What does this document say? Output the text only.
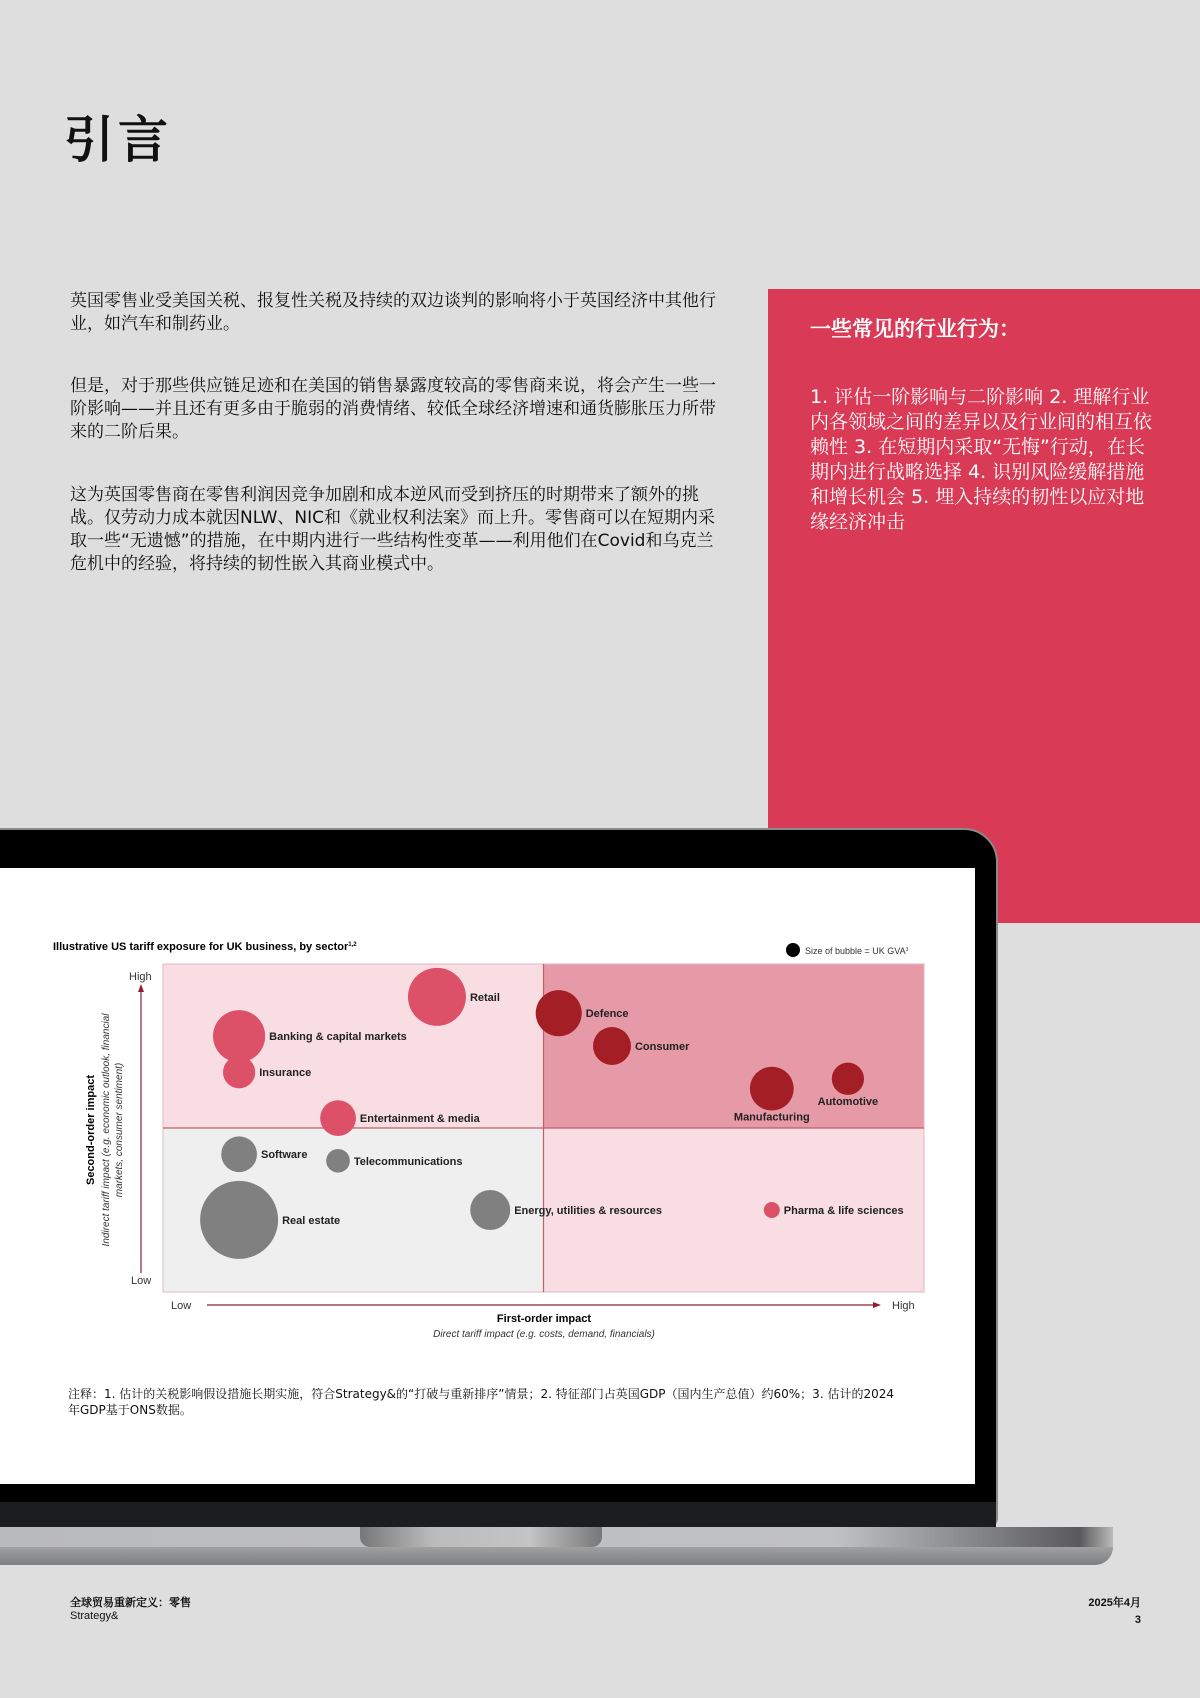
引言
英国零售业受美国关税、报复性关税及持续的双边谈判的影响将小于英国经济中其他行业，如汽车和制药业。
但是，对于那些供应链足迹和在美国的销售暴露度较高的零售商来说，将会产生一些一阶影响——并且还有更多由于脆弱的消费情绪、较低全球经济增速和通货膨胀压力所带来的二阶后果。
这为英国零售商在零售利润因竞争加剧和成本逆风而受到挤压的时期带来了额外的挑战。仅劳动力成本就因NLW、NIC和《就业权利法案》而上升。零售商可以在短期内采取一些“无遗憾”的措施，在中期内进行一些结构性变革——利用他们在Covid和乌克兰危机中的经验，将持续的韧性嵌入其商业模式中。
一些常见的行业行为：

1. 评估一阶影响与二阶影响 2. 理解行业内各领域之间的差异以及行业间的相互依赖性 3. 在短期内采取“无悔”行动，在长期内进行战略选择 4. 识别风险缓解措施和增长机会 5. 埋入持续的韧性以应对地缘经济冲击

Illustrative US tariff exposure for UK business, by sector$^{1,2}$
Size of bubble = UK GVA$^3$
High
Low
Low	High
First-order impact
Direct tariff impact (e.g. costs, demand, financials)
Second-order impact Indirect tariff impact (e.g. economic outlook, financial markets, consumer sentiment)
Retail
Banking & capital markets
Insurance
Entertainment & media
Defence
Consumer
Manufacturing
Automotive
Software
Telecommunications
Real estate
Energy, utilities & resources	Pharma & life sciences
注释：1. 估计的关税影响假设措施长期实施，符合Strategy&的“打破与重新排序”情景；2. 特征部门占英国GDP（国内生产总值）约60%；3. 估计的2024年GDP基于ONS数据。
全球贸易重新定义：零售
Strategy&
2025年4月
3
